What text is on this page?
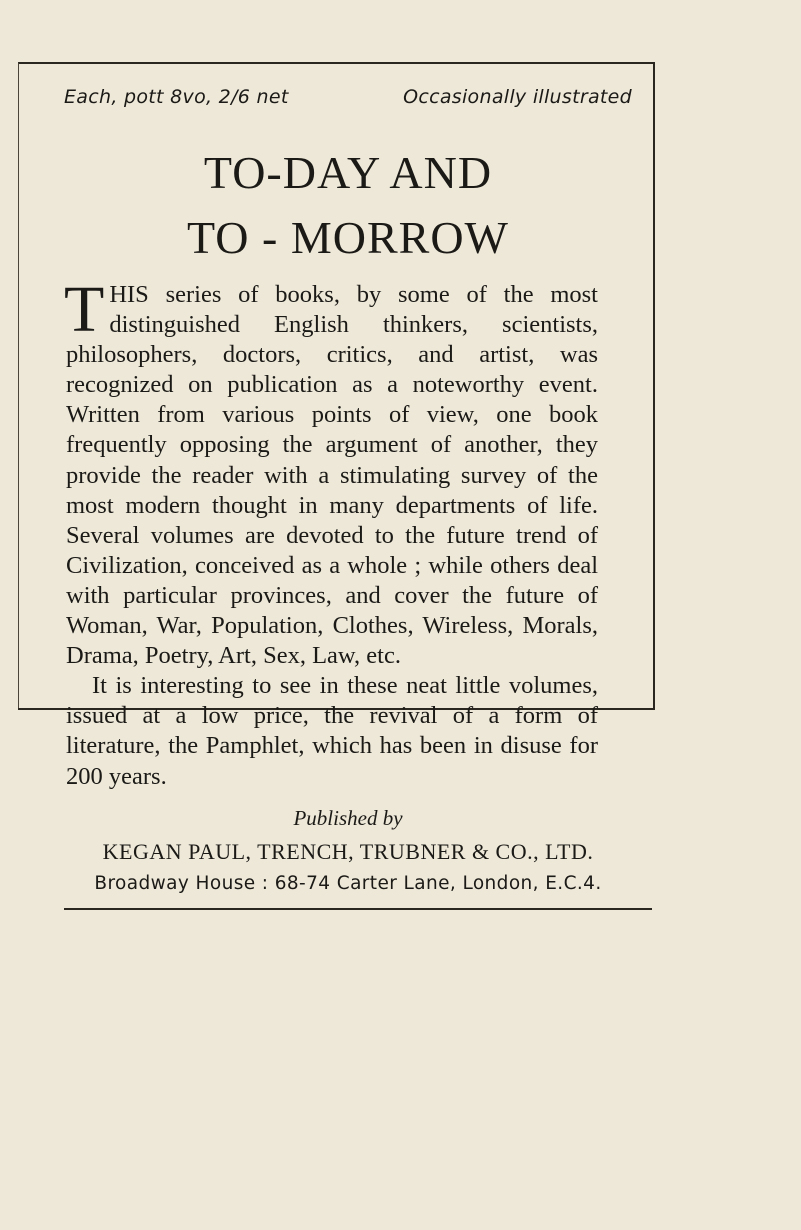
Each, pott 8vo, 2/6 net	Occasionally illustrated
TO-DAY AND
TO - MORROW

THIS series of books, by some of the most distinguished English thinkers, scientists, philosophers, doctors, critics, and artist, was recognized on publication as a noteworthy event. Written from various points of view, one book frequently opposing the argument of another, they provide the reader with a stimulating survey of the most modern thought in many departments of life. Several volumes are devoted to the future trend of Civilization, conceived as a whole ; while others deal with particular provinces, and cover the future of Woman, War, Population, Clothes, Wireless, Morals, Drama, Poetry, Art, Sex, Law, etc.

It is interesting to see in these neat little volumes, issued at a low price, the revival of a form of literature, the Pamphlet, which has been in disuse for 200 years.

Published by
KEGAN PAUL, TRENCH, TRUBNER & CO., LTD.
Broadway House : 68-74 Carter Lane, London, E.C.4.
